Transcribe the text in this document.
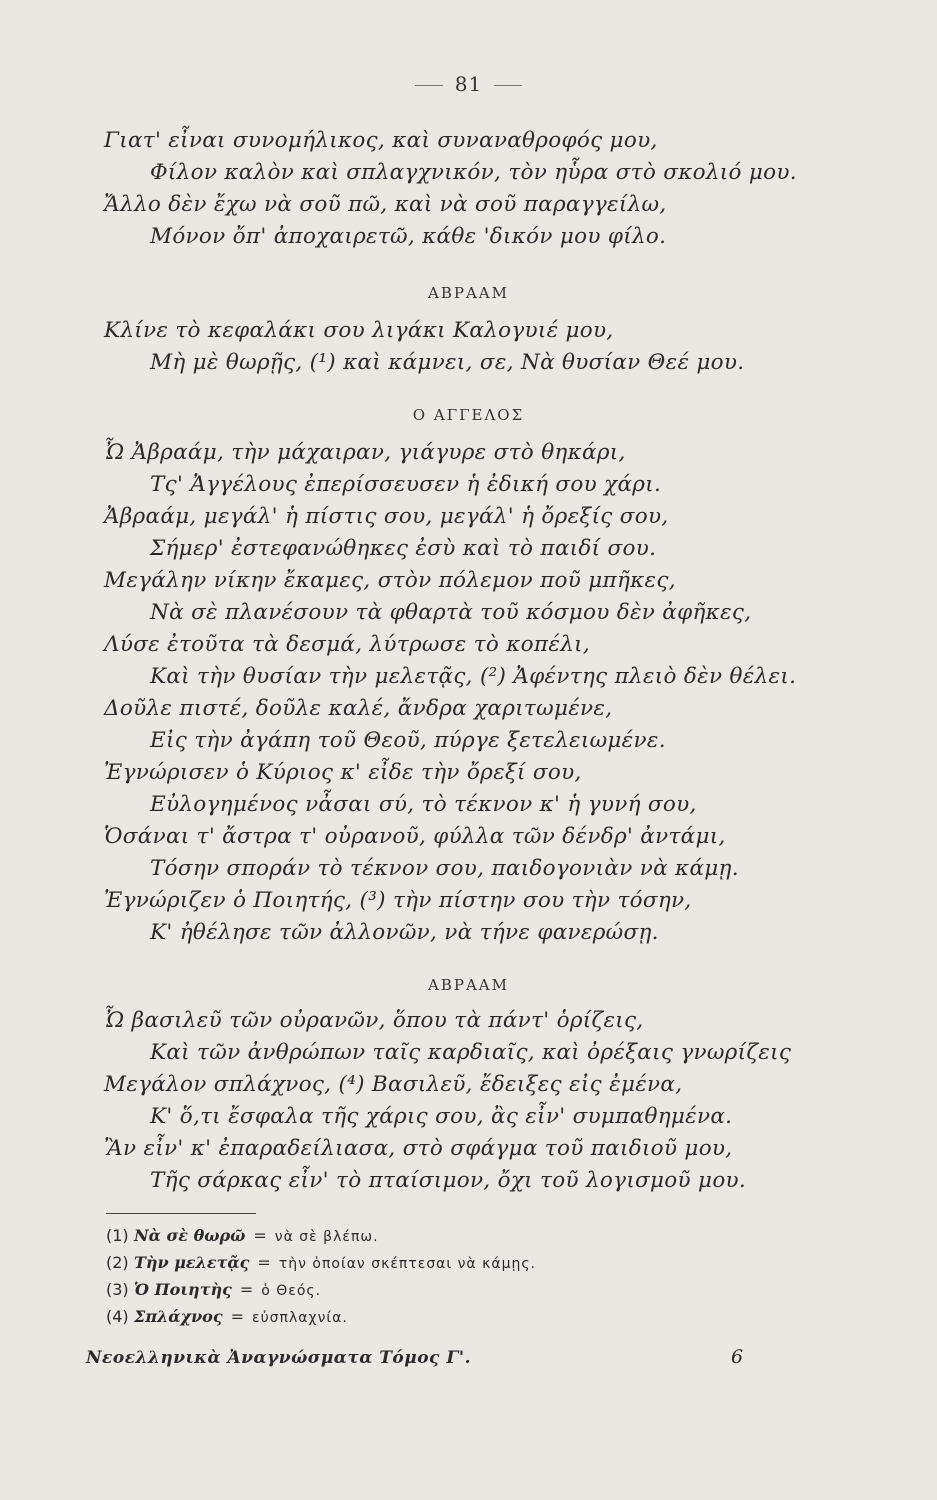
81
Γιατ' εἶναι συνομήλικος, καὶ συναναθροφός μου,
Φίλον καλὸν καὶ σπλαγχνικόν, τὸν ηὗρα στὸ σκολιό μου.
Ἄλλο δὲν ἔχω νὰ σοῦ πῶ, καὶ νὰ σοῦ παραγγείλω,
Μόνον ὄπ' ἀποχαιρετῶ, κάθε 'δικόν μου φίλο.
ΑΒΡΑΑΜ
Κλίνε τὸ κεφαλάκι σου λιγάκι Καλογυιέ μου,
Μὴ μὲ θωρῇς, (¹) καὶ κάμνει, σε, Νὰ θυσίαν Θεέ μου.
Ο ΑΓΓΕΛΟΣ
Ὦ Ἀβραάμ, τὴν μάχαιραν, γιάγυρε στὸ θηκάρι,
Τς' Ἀγγέλους ἐπερίσσευσεν ἡ ἐδική σου χάρι.
Ἀβραάμ, μεγάλ' ἡ πίστις σου, μεγάλ' ἡ ὄρεξίς σου,
Σήμερ' ἐστεφανώθηκες ἐσὺ καὶ τὸ παιδί σου.
Μεγάλην νίκην ἔκαμες, στὸν πόλεμον ποῦ μπῆκες,
Νὰ σὲ πλανέσουν τὰ φθαρτὰ τοῦ κόσμου δὲν ἀφῆκες,
Λύσε ἐτοῦτα τὰ δεσμά, λύτρωσε τὸ κοπέλι,
Καὶ τὴν θυσίαν τὴν μελετᾷς, (²) Ἀφέντης πλειὸ δὲν θέλει.
Δοῦλε πιστέ, δοῦλε καλέ, ἄνδρα χαριτωμένε,
Εἰς τὴν ἀγάπη τοῦ Θεοῦ, πύργε ξετελειωμένε.
Ἐγνώρισεν ὁ Κύριος κ' εἶδε τὴν ὄρεξί σου,
Εὐλογημένος νἆσαι σύ, τὸ τέκνον κ' ἡ γυνή σου,
Ὁσάναι τ' ἄστρα τ' οὐρανοῦ, φύλλα τῶν δένδρ' ἀντάμι,
Τόσην σποράν τὸ τέκνον σου, παιδογονιὰν νὰ κάμῃ.
Ἐγνώριζεν ὁ Ποιητής, (³) τὴν πίστην σου τὴν τόσην,
Κ' ἠθέλησε τῶν ἀλλονῶν, νὰ τήνε φανερώσῃ.
ΑΒΡΑΑΜ
Ὦ βασιλεῦ τῶν οὐρανῶν, ὅπου τὰ πάντ' ὁρίζεις,
Καὶ τῶν ἀνθρώπων ταῖς καρδιαῖς, καὶ ὀρέξαις γνωρίζεις
Μεγάλον σπλάχνος, (⁴) Βασιλεῦ, ἔδειξες εἰς ἐμένα,
Κ' ὅ,τι ἔσφαλα τῆς χάρις σου, ἂς εἶν' συμπαθημένα.
Ἂν εἶν' κ' ἐπαραδείλιασα, στὸ σφάγμα τοῦ παιδιοῦ μου,
Τῆς σάρκας εἶν' τὸ πταίσιμον, ὄχι τοῦ λογισμοῦ μου.
(1) Νὰ σὲ θωρῶ = νὰ σὲ βλέπω.
(2) Τὴν μελετᾷς = τὴν ὁποίαν σκέπτεσαι νὰ κάμῃς.
(3) Ὁ Ποιητὴς = ὁ Θεός.
(4) Σπλάχνος = εὐσπλαχνία.
Νεοελληνικὰ Ἀναγνώσματα Τόμος Γ'.	6
